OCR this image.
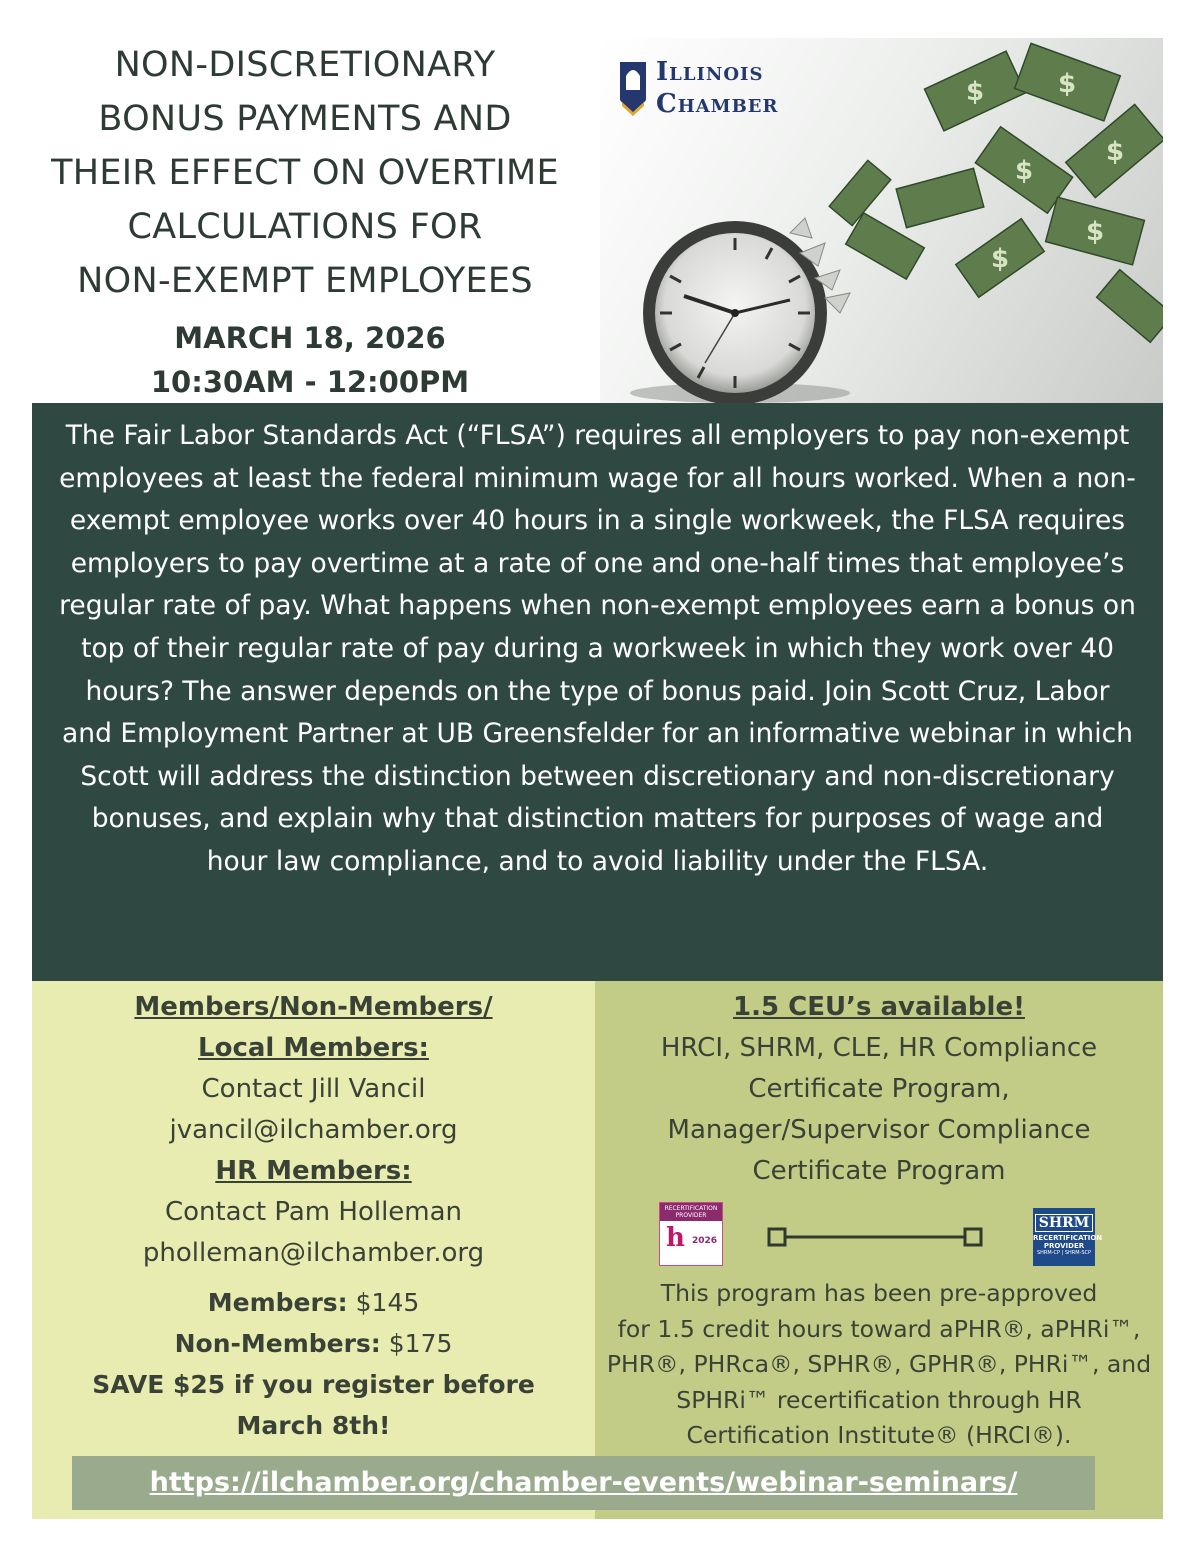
NON-DISCRETIONARY
BONUS PAYMENTS AND
THEIR EFFECT ON OVERTIME
CALCULATIONS FOR
NON-EXEMPT EMPLOYEES
MARCH 18, 2026
10:30AM - 12:00PM
$	$
$
$
$
$
Illinois
Chamber
The Fair Labor Standards Act (“FLSA”) requires all employers to pay non-exempt employees at least the federal minimum wage for all hours worked. When a non-exempt employee works over 40 hours in a single workweek, the FLSA requires employers to pay overtime at a rate of one and one-half times that employee’s regular rate of pay. What happens when non-exempt employees earn a bonus on top of their regular rate of pay during a workweek in which they work over 40 hours? The answer depends on the type of bonus paid. Join Scott Cruz, Labor and Employment Partner at UB Greensfelder for an informative webinar in which Scott will address the distinction between discretionary and non-discretionary bonuses, and explain why that distinction matters for purposes of wage and hour law compliance, and to avoid liability under the FLSA.
Members/Non-Members/
Local Members:
Contact Jill Vancil
jvancil@ilchamber.org
HR Members:
Contact Pam Holleman
pholleman@ilchamber.org
Members: $145
Non-Members: $175
SAVE $25 if you register before
March 8th!
1.5 CEU’s available!
HRCI, SHRM, CLE, HR Compliance
Certificate Program,
Manager/Supervisor Compliance
Certificate Program
RECERTIFICATION PROVIDER
h 2026
SHRM
RECERTIFICATION PROVIDER
SHRM-CP | SHRM-SCP
This program has been pre-approved
for 1.5 credit hours toward aPHR®, aPHRi™,
PHR®, PHRca®, SPHR®, GPHR®, PHRi™, and
SPHRi™ recertification through HR
Certification Institute® (HRCI®).
https://ilchamber.org/chamber-events/webinar-seminars/
